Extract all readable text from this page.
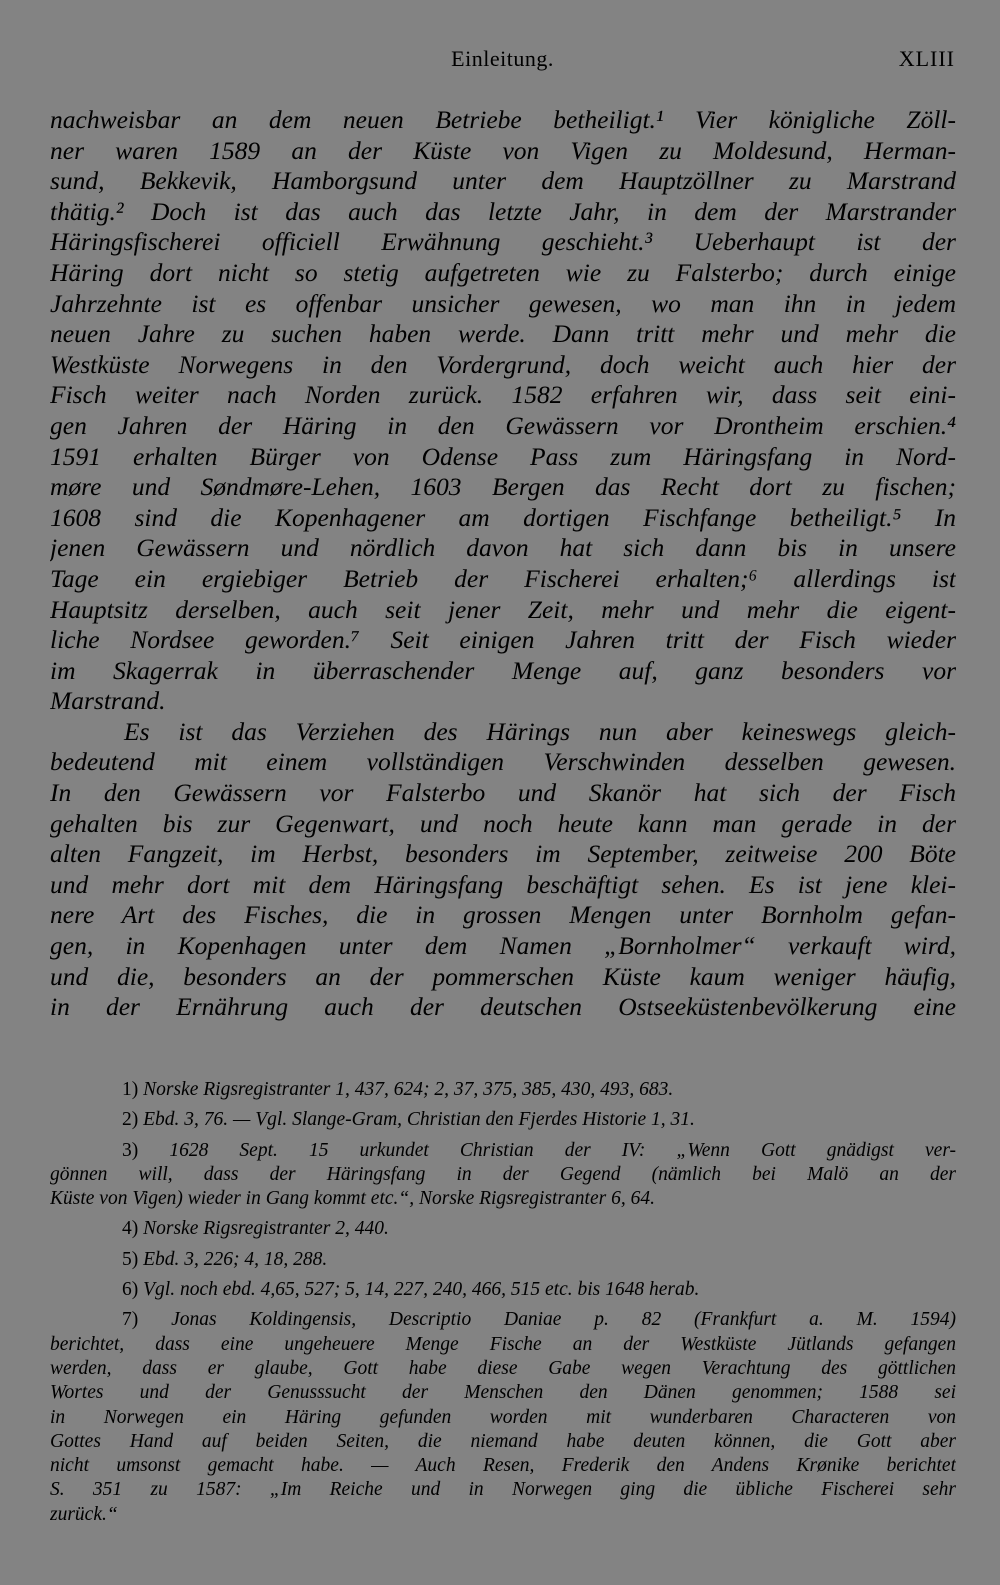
Einleitung.	XLIII
nachweisbar an dem neuen Betriebe betheiligt.¹ Vier königliche Zöll-
ner waren 1589 an der Küste von Vigen zu Moldesund, Herman-
sund, Bekkevik, Hamborgsund unter dem Hauptzöllner zu Marstrand
thätig.² Doch ist das auch das letzte Jahr, in dem der Marstrander
Häringsfischerei officiell Erwähnung geschieht.³ Ueberhaupt ist der
Häring dort nicht so stetig aufgetreten wie zu Falsterbo; durch einige
Jahrzehnte ist es offenbar unsicher gewesen, wo man ihn in jedem
neuen Jahre zu suchen haben werde. Dann tritt mehr und mehr die
Westküste Norwegens in den Vordergrund, doch weicht auch hier der
Fisch weiter nach Norden zurück. 1582 erfahren wir, dass seit eini-
gen Jahren der Häring in den Gewässern vor Drontheim erschien.⁴
1591 erhalten Bürger von Odense Pass zum Häringsfang in Nord-
møre und Søndmøre-Lehen, 1603 Bergen das Recht dort zu fischen;
1608 sind die Kopenhagener am dortigen Fischfange betheiligt.⁵ In
jenen Gewässern und nördlich davon hat sich dann bis in unsere
Tage ein ergiebiger Betrieb der Fischerei erhalten;⁶ allerdings ist
Hauptsitz derselben, auch seit jener Zeit, mehr und mehr die eigent-
liche Nordsee geworden.⁷ Seit einigen Jahren tritt der Fisch wieder
im Skagerrak in überraschender Menge auf, ganz besonders vor
Marstrand.
Es ist das Verziehen des Härings nun aber keineswegs gleich-
bedeutend mit einem vollständigen Verschwinden desselben gewesen.
In den Gewässern vor Falsterbo und Skanör hat sich der Fisch
gehalten bis zur Gegenwart, und noch heute kann man gerade in der
alten Fangzeit, im Herbst, besonders im September, zeitweise 200 Böte
und mehr dort mit dem Häringsfang beschäftigt sehen. Es ist jene klei-
nere Art des Fisches, die in grossen Mengen unter Bornholm gefan-
gen, in Kopenhagen unter dem Namen „Bornholmer“ verkauft wird,
und die, besonders an der pommerschen Küste kaum weniger häufig,
in der Ernährung auch der deutschen Ostseeküstenbevölkerung eine
1) Norske Rigsregistranter 1, 437, 624; 2, 37, 375, 385, 430, 493, 683.
2) Ebd. 3, 76. — Vgl. Slange-Gram, Christian den Fjerdes Historie 1, 31.
3) 1628 Sept. 15 urkundet Christian der IV: „Wenn Gott gnädigst ver-
gönnen will, dass der Häringsfang in der Gegend (nämlich bei Malö an der
Küste von Vigen) wieder in Gang kommt etc.“, Norske Rigsregistranter 6, 64.
4) Norske Rigsregistranter 2, 440.
5) Ebd. 3, 226; 4, 18, 288.
6) Vgl. noch ebd. 4,65, 527; 5, 14, 227, 240, 466, 515 etc. bis 1648 herab.
7) Jonas Koldingensis, Descriptio Daniae p. 82 (Frankfurt a. M. 1594)
berichtet, dass eine ungeheuere Menge Fische an der Westküste Jütlands gefangen
werden, dass er glaube, Gott habe diese Gabe wegen Verachtung des göttlichen
Wortes und der Genusssucht der Menschen den Dänen genommen; 1588 sei
in Norwegen ein Häring gefunden worden mit wunderbaren Characteren von
Gottes Hand auf beiden Seiten, die niemand habe deuten können, die Gott aber
nicht umsonst gemacht habe. — Auch Resen, Frederik den Andens Krønike berichtet
S. 351 zu 1587: „Im Reiche und in Norwegen ging die übliche Fischerei sehr
zurück.“
